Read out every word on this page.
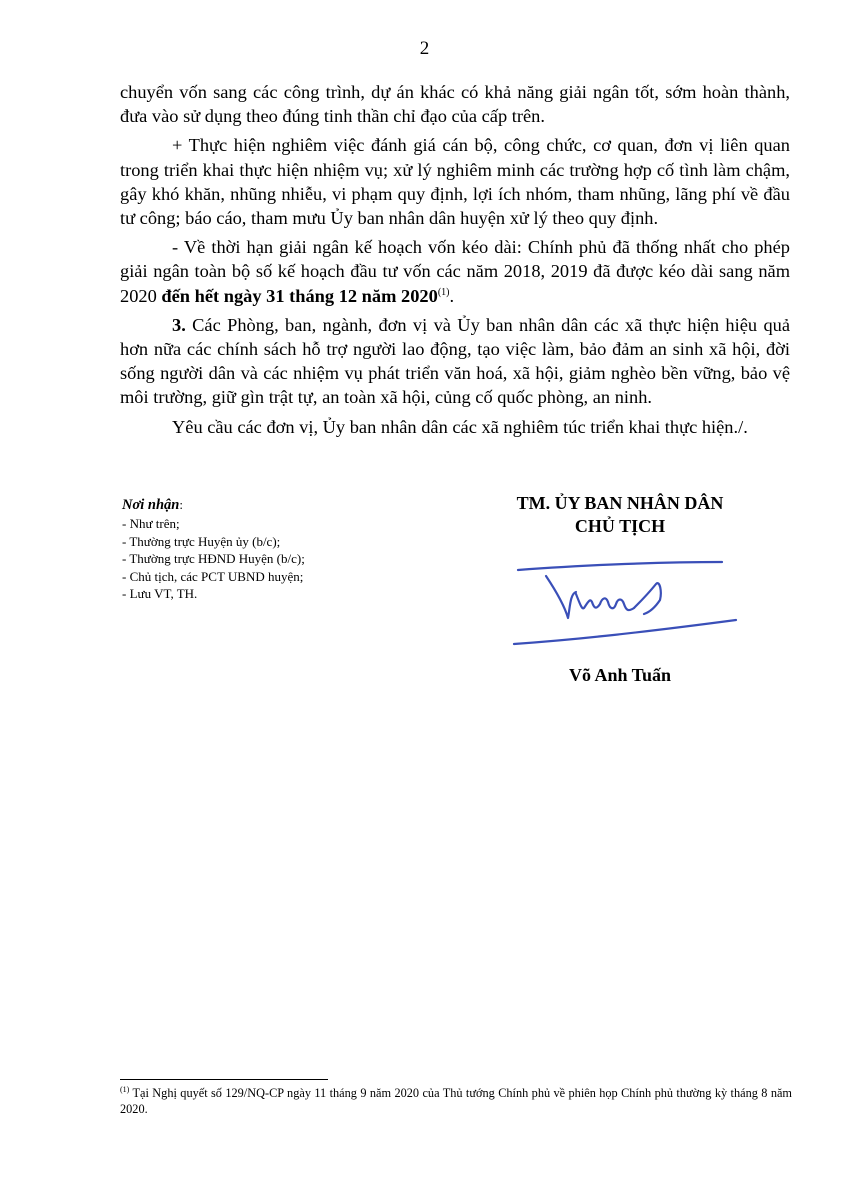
2

chuyển vốn sang các công trình, dự án khác có khả năng giải ngân tốt, sớm hoàn thành, đưa vào sử dụng theo đúng tinh thần chỉ đạo của cấp trên.

+ Thực hiện nghiêm việc đánh giá cán bộ, công chức, cơ quan, đơn vị liên quan trong triển khai thực hiện nhiệm vụ; xử lý nghiêm minh các trường hợp cố tình làm chậm, gây khó khăn, nhũng nhiễu, vi phạm quy định, lợi ích nhóm, tham nhũng, lãng phí về đầu tư công; báo cáo, tham mưu Ủy ban nhân dân huyện xử lý theo quy định.

- Về thời hạn giải ngân kế hoạch vốn kéo dài: Chính phủ đã thống nhất cho phép giải ngân toàn bộ số kế hoạch đầu tư vốn các năm 2018, 2019 đã được kéo dài sang năm 2020 đến hết ngày 31 tháng 12 năm 2020$^{(1)}$.

3. Các Phòng, ban, ngành, đơn vị và Ủy ban nhân dân các xã thực hiện hiệu quả hơn nữa các chính sách hỗ trợ người lao động, tạo việc làm, bảo đảm an sinh xã hội, đời sống người dân và các nhiệm vụ phát triển văn hoá, xã hội, giảm nghèo bền vững, bảo vệ môi trường, giữ gìn trật tự, an toàn xã hội, củng cố quốc phòng, an ninh.

Yêu cầu các đơn vị, Ủy ban nhân dân các xã nghiêm túc triển khai thực hiện./.

Nơi nhận:
- Như trên;
- Thường trực Huyện ủy (b/c);
- Thường trực HĐND Huyện (b/c);
- Chủ tịch, các PCT UBND huyện;
- Lưu VT, TH.
TM. ỦY BAN NHÂN DÂN
CHỦ TỊCH
Võ Anh Tuấn
$^{(1)}$ Tại Nghị quyết số 129/NQ-CP ngày 11 tháng 9 năm 2020 của Thủ tướng Chính phủ về phiên họp Chính phủ thường kỳ tháng 8 năm 2020.
